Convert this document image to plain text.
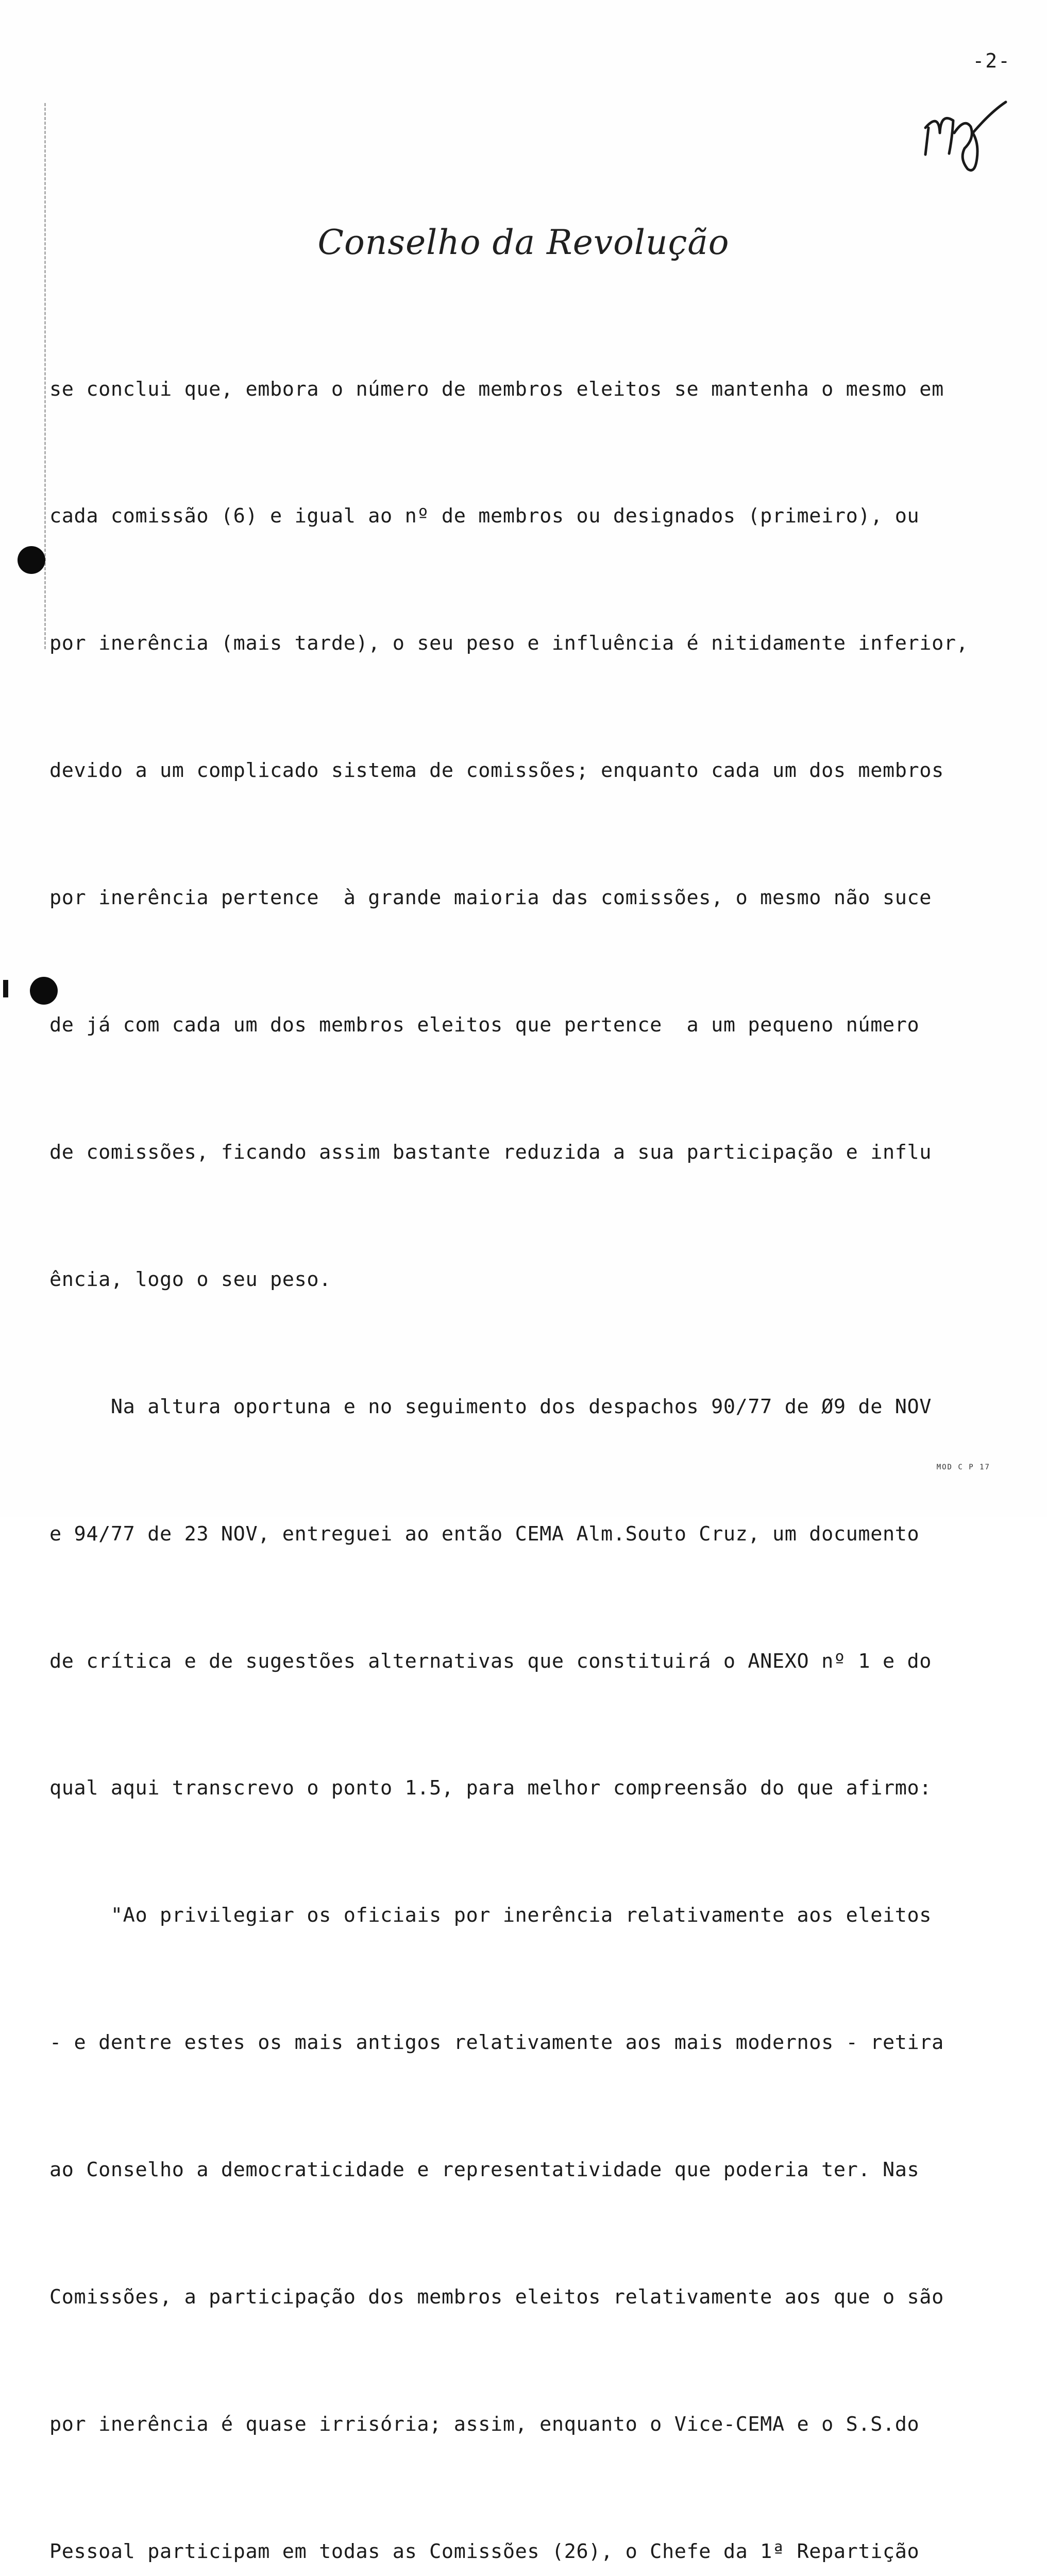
-2-
Conselho da Revolução

se concl​ui que, embora o número de membros eleitos se mantenha o mesmo em

cada comissão (6) e igual ao nº de membros ou designados (primeiro), ou

por inerência (mais tarde), o seu peso e influência é nitidamente inferior,

devido a um complicado sistema de comissões; enquanto cada um dos membros

por inerência pertence  à grande maioria das comissões, o mesmo não suce

de já com cada um dos membros eleitos que pertence  a um pequeno número

de comissões, ficando assim bastante reduzida a sua participação e influ

ência, logo o seu peso.

Na altura oportuna e no seguimento dos despachos 90/77 de Ø9 de NOV

e 94/77 de 23 NOV, entreguei ao então CEMA Alm.Souto Cruz, um documento

de crítica e de sugestões alternativas que constituirá o ANEXO nº 1 e do

qual aqui transcrevo o ponto 1.5, para melhor compreensão do que afirmo:

"Ao privilegiar os oficiais por inerência relativamente aos eleitos

- e dentre estes os mais antigos relativamente aos mais modernos - retira

ao Conselho a democraticidade e representatividade que poderia ter. Nas

Comissões, a participação dos membros eleitos relativamente aos que o são

por inerência é quase irrisória; assim, enquanto o Vice-CEMA e o S.S.do

Pessoal participam em todas as Comissões (26), o Chefe da 1ª Repartição

MOD C P 17
